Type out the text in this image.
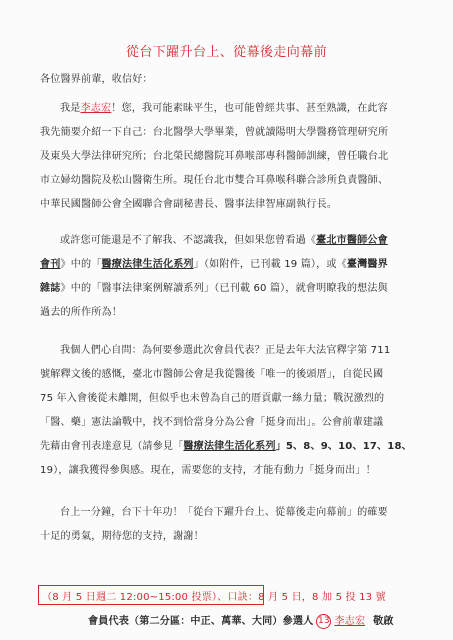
從台下躍升台上、從幕後走向幕前
各位醫界前輩，收信好：
我是李志宏！您，我可能素昧平生，也可能曾經共事、甚至熟識，在此容
我先簡要介紹一下自己：台北醫學大學畢業，曾就讀陽明大學醫務管理研究所
及東吳大學法律研究所；台北榮民總醫院耳鼻喉部專科醫師訓練，曾任職台北
市立婦幼醫院及松山醫衛生所。現任台北市雙合耳鼻喉科聯合診所負責醫師、
中華民國醫師公會全國聯合會副秘書長、醫事法律智庫副執行長。
或許您可能還是不了解我、不認識我，但如果您曾看過《臺北市醫師公會
會刊》中的「醫療法律生活化系列」（如附件，已刊載 19 篇），或《臺灣醫界
雜誌》中的「醫事法律案例解讀系列」（已刊載 60 篇），就會明瞭我的想法與
過去的所作所為！
我個人們心自問：為何要參選此次會員代表？正是去年大法官釋字第 711
號解釋文後的感慨，臺北市醫師公會是我從醫後「唯一的後頭厝」，自從民國
75 年入會後從未離開，但似乎也未曾為自己的厝貢獻一絲力量；戰況激烈的
「醫、藥」憲法論戰中，找不到恰當身分為公會「挺身而出」。公會前輩建議
先藉由會刊表達意見（請參見「醫療法律生活化系列」5、8、9、10、17、18、
19），讓我獲得參與感。現在，需要您的支持，才能有動力「挺身而出」！
台上一分鐘，台下十年功！「從台下躍升台上、從幕後走向幕前」的確要
十足的勇氣，期待您的支持，謝謝！
（8 月 5 日週二 12:00~15:00 投票）、口訣：8 月 5 日，8 加 5 投 13 號
會員代表（第二分區：中正、萬華、大同）參選人 13 李志宏 敬啟
